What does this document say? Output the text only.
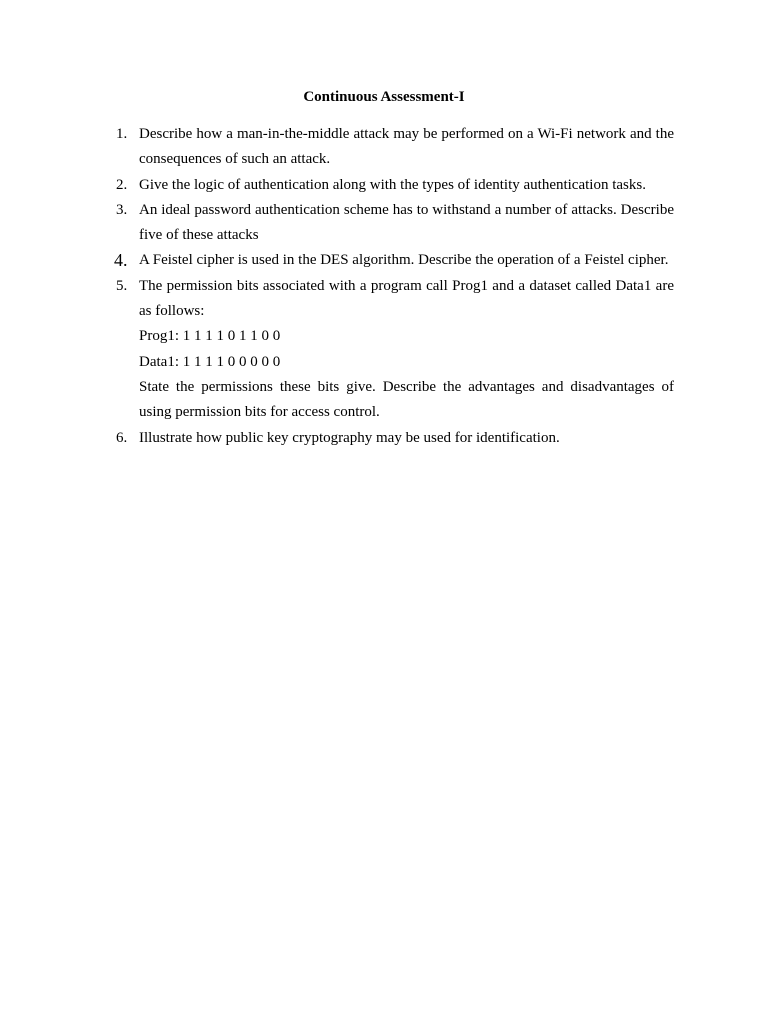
Continuous Assessment-I
1. Describe how a man-in-the-middle attack may be performed on a Wi-Fi network and the consequences of such an attack.
2. Give the logic of authentication along with the types of identity authentication tasks.
3. An ideal password authentication scheme has to withstand a number of attacks. Describe five of these attacks
4. A Feistel cipher is used in the DES algorithm. Describe the operation of a Feistel cipher.
5. The permission bits associated with a program call Prog1 and a dataset called Data1 are as follows:
Prog1: 1 1 1 1 0 1 1 0 0
Data1: 1 1 1 1 0 0 0 0 0
State the permissions these bits give. Describe the advantages and disadvantages of using permission bits for access control.
6. Illustrate how public key cryptography may be used for identification.
